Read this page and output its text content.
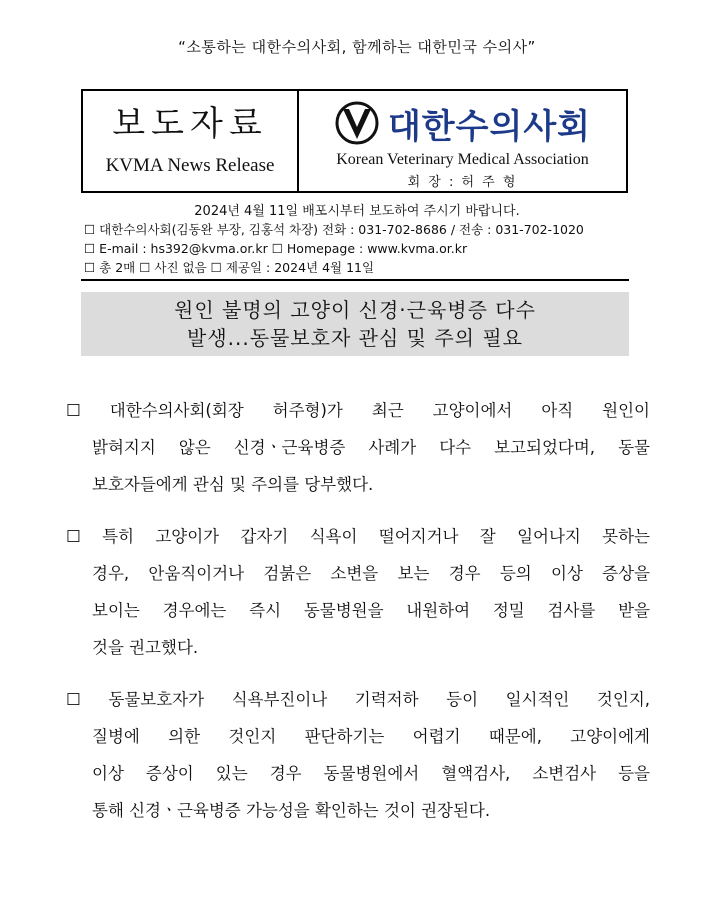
“소통하는 대한수의사회, 함께하는 대한민국 수의사”
보도자료
KVMA News Release
대한수의사회
Korean Veterinary Medical Association
회 장 : 허 주 형
2024년 4월 11일 배포시부터 보도하여 주시기 바랍니다.
☐ 대한수의사회(김동완 부장, 김홍석 차장) 전화 : 031-702-8686 / 전송 : 031-702-1020
☐ E-mail : hs392@kvma.or.kr ☐ Homepage : www.kvma.or.kr
☐ 총 2매 ☐ 사진 없음 ☐ 제공일 : 2024년 4월 11일
원인 불명의 고양이 신경·근육병증 다수
발생...동물보호자 관심 및 주의 필요
☐ 대한수의사회(회장 허주형)가 최근 고양이에서 아직 원인이
밝혀지지 않은 신경ㆍ근육병증 사례가 다수 보고되었다며, 동물
보호자들에게 관심 및 주의를 당부했다.
☐ 특히 고양이가 갑자기 식욕이 떨어지거나 잘 일어나지 못하는
경우, 안움직이거나 검붉은 소변을 보는 경우 등의 이상 증상을
보이는 경우에는 즉시 동물병원을 내원하여 정밀 검사를 받을
것을 권고했다.
☐ 동물보호자가 식욕부진이나 기력저하 등이 일시적인 것인지,
질병에 의한 것인지 판단하기는 어렵기 때문에, 고양이에게
이상 증상이 있는 경우 동물병원에서 혈액검사, 소변검사 등을
통해 신경ㆍ근육병증 가능성을 확인하는 것이 권장된다.
